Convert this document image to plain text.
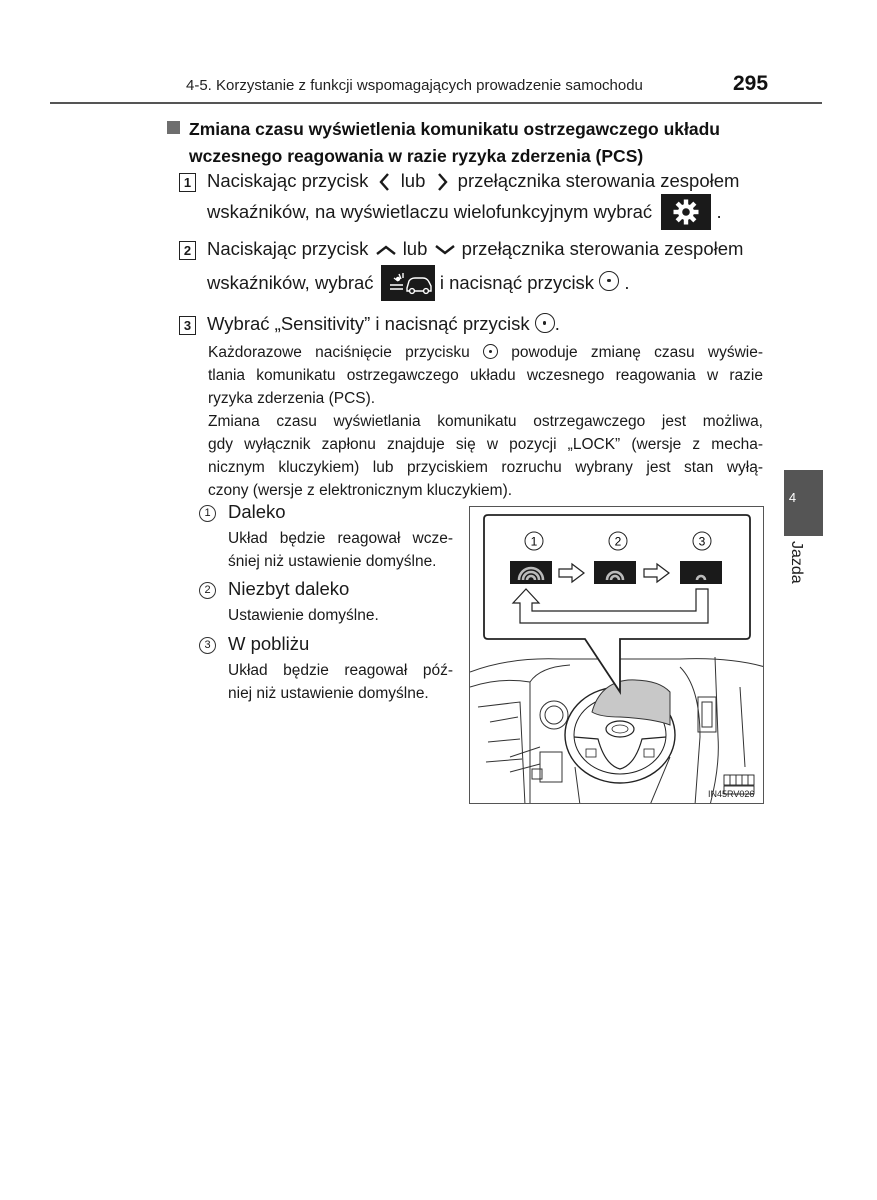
4-5. Korzystanie z funkcji wspomagających prowadzenie samochodu	295
Zmiana czasu wyświetlenia komunikatu ostrzegawczego układu
wczesnego reagowania w razie ryzyka zderzenia (PCS)
1 Naciskając przycisk lub przełącznika sterowania zespołem
wskaźników, na wyświetlaczu wielofunkcyjnym wybrać	.
2 Naciskając przycisk lub przełącznika sterowania zespołem
wskaźników, wybrać	i nacisnąć przycisk .
3 Wybrać „Sensitivity” i nacisnąć przycisk .
Każdorazowe naciśnięcie przycisku	powoduje zmianę czasu wyświe-
tlania komunikatu ostrzegawczego układu wczesnego reagowania w razie
ryzyka zderzenia (PCS).
Zmiana czasu wyświetlania komunikatu ostrzegawczego jest możliwa,
gdy wyłącznik zapłonu znajduje się w pozycji „LOCK” (wersje z mecha-
nicznym kluczykiem) lub przyciskiem rozruchu wybrany jest stan wyłą-
czony (wersje z elektronicznym kluczykiem).
1 Daleko
Układ będzie reagował wcze-
śniej niż ustawienie domyślne.
2 Niezbyt daleko
Ustawienie domyślne.
3 W pobliżu
Układ będzie reagował póź-
niej niż ustawienie domyślne.
1	2	3
IN45RV026
4
Jazda
